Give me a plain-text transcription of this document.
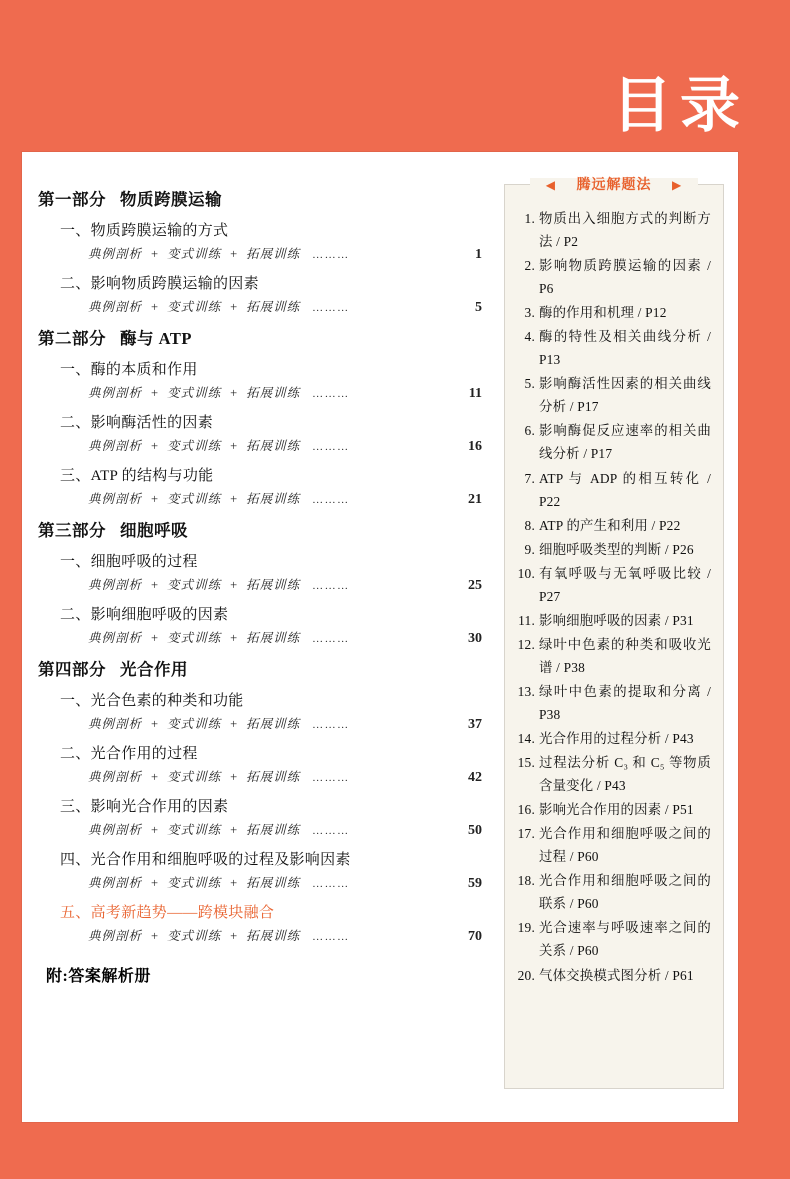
目录
第一部分 物质跨膜运输
一、物质跨膜运输的方式
典例剖析 + 变式训练 + 拓展训练 ………	1
二、影响物质跨膜运输的因素
典例剖析 + 变式训练 + 拓展训练 ………	5
第二部分 酶与 ATP
一、酶的本质和作用
典例剖析 + 变式训练 + 拓展训练 ………	11
二、影响酶活性的因素
典例剖析 + 变式训练 + 拓展训练 ………	16
三、ATP 的结构与功能
典例剖析 + 变式训练 + 拓展训练 ………	21
第三部分 细胞呼吸
一、细胞呼吸的过程
典例剖析 + 变式训练 + 拓展训练 ………	25
二、影响细胞呼吸的因素
典例剖析 + 变式训练 + 拓展训练 ………	30
第四部分 光合作用
一、光合色素的种类和功能
典例剖析 + 变式训练 + 拓展训练 ………	37
二、光合作用的过程
典例剖析 + 变式训练 + 拓展训练 ………	42
三、影响光合作用的因素
典例剖析 + 变式训练 + 拓展训练 ………	50
四、光合作用和细胞呼吸的过程及影响因素
典例剖析 + 变式训练 + 拓展训练 ………	59
五、高考新趋势——跨模块融合
典例剖析 + 变式训练 + 拓展训练 ………	70
附:答案解析册
◀ 腾远解题法 ▶
物质出入细胞方式的判断方法 / P2
影响物质跨膜运输的因素 / P6
酶的作用和机理 / P12
酶的特性及相关曲线分析 / P13
影响酶活性因素的相关曲线分析 / P17
影响酶促反应速率的相关曲线分析 / P17
ATP 与 ADP 的相互转化 / P22
ATP 的产生和利用 / P22
细胞呼吸类型的判断 / P26
有氧呼吸与无氧呼吸比较 / P27
影响细胞呼吸的因素 / P31
绿叶中色素的种类和吸收光谱 / P38
绿叶中色素的提取和分离 / P38
光合作用的过程分析 / P43
过程法分析 C₃ 和 C₅ 等物质含量变化 / P43
影响光合作用的因素 / P51
光合作用和细胞呼吸之间的过程 / P60
光合作用和细胞呼吸之间的联系 / P60
光合速率与呼吸速率之间的关系 / P60
气体交换模式图分析 / P61
